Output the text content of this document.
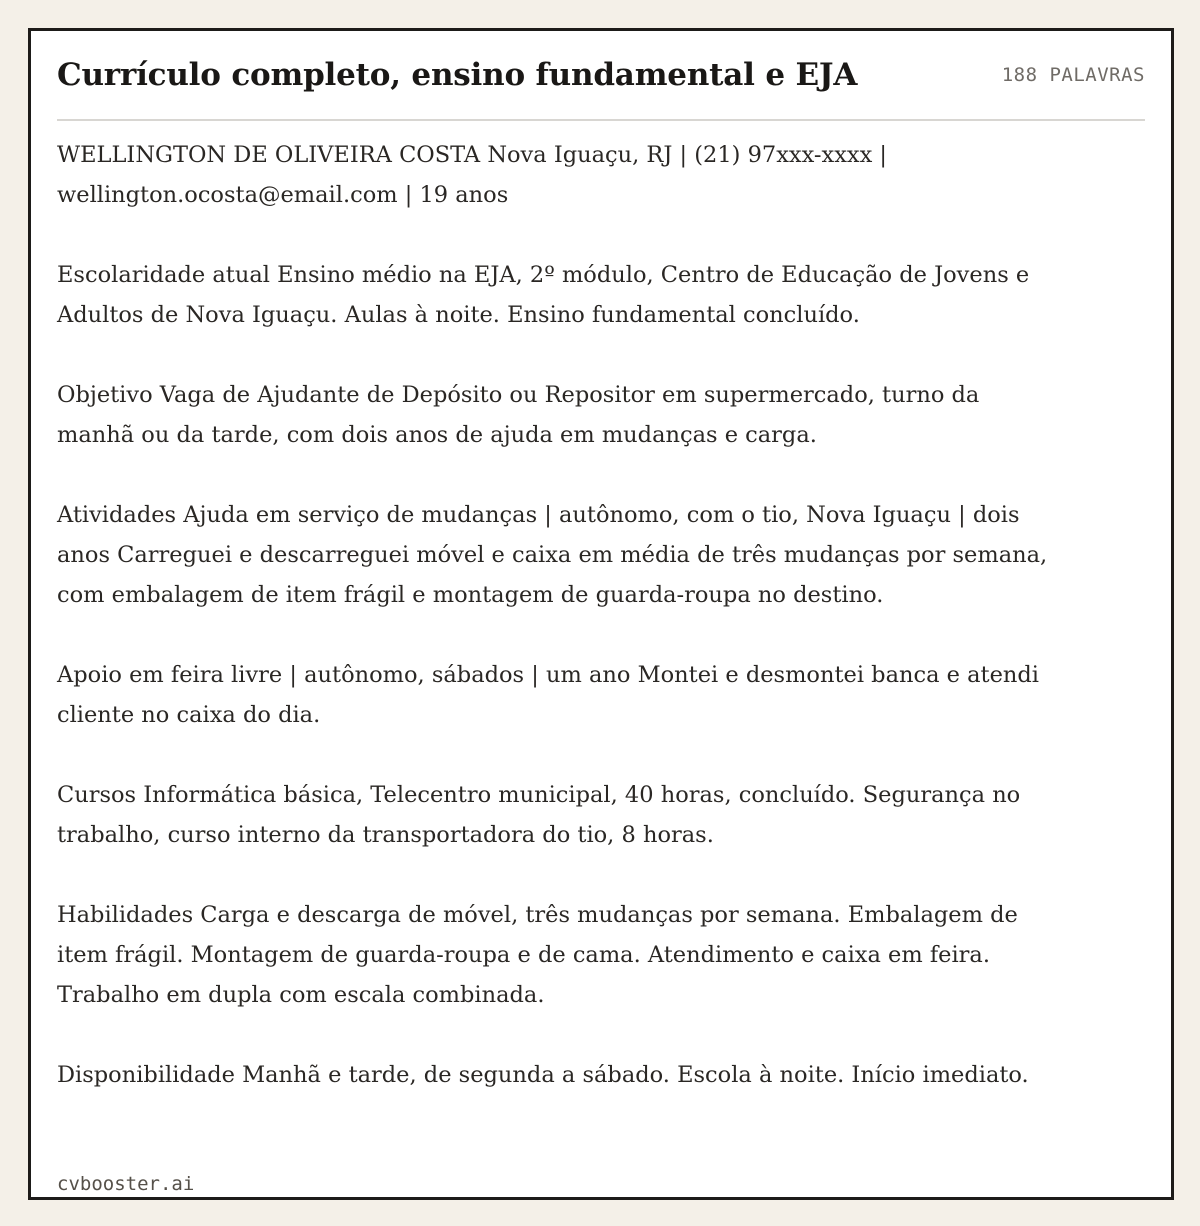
Currículo completo, ensino fundamental e EJA	188 PALAVRAS

WELLINGTON DE OLIVEIRA COSTA Nova Iguaçu, RJ | (21) 97xxx-xxxx | wellington.ocosta@email.com | 19 anos

Escolaridade atual Ensino médio na EJA, 2º módulo, Centro de Educação de Jovens e Adultos de Nova Iguaçu. Aulas à noite. Ensino fundamental concluído.

Objetivo Vaga de Ajudante de Depósito ou Repositor em supermercado, turno da manhã ou da tarde, com dois anos de ajuda em mudanças e carga.

Atividades Ajuda em serviço de mudanças | autônomo, com o tio, Nova Iguaçu | dois anos Carreguei e descarreguei móvel e caixa em média de três mudanças por semana, com embalagem de item frágil e montagem de guarda-roupa no destino.

Apoio em feira livre | autônomo, sábados | um ano Montei e desmontei banca e atendi cliente no caixa do dia.

Cursos Informática básica, Telecentro municipal, 40 horas, concluído. Segurança no trabalho, curso interno da transportadora do tio, 8 horas.

Habilidades Carga e descarga de móvel, três mudanças por semana. Embalagem de item frágil. Montagem de guarda-roupa e de cama. Atendimento e caixa em feira. Trabalho em dupla com escala combinada.

Disponibilidade Manhã e tarde, de segunda a sábado. Escola à noite. Início imediato.

cvbooster.ai
